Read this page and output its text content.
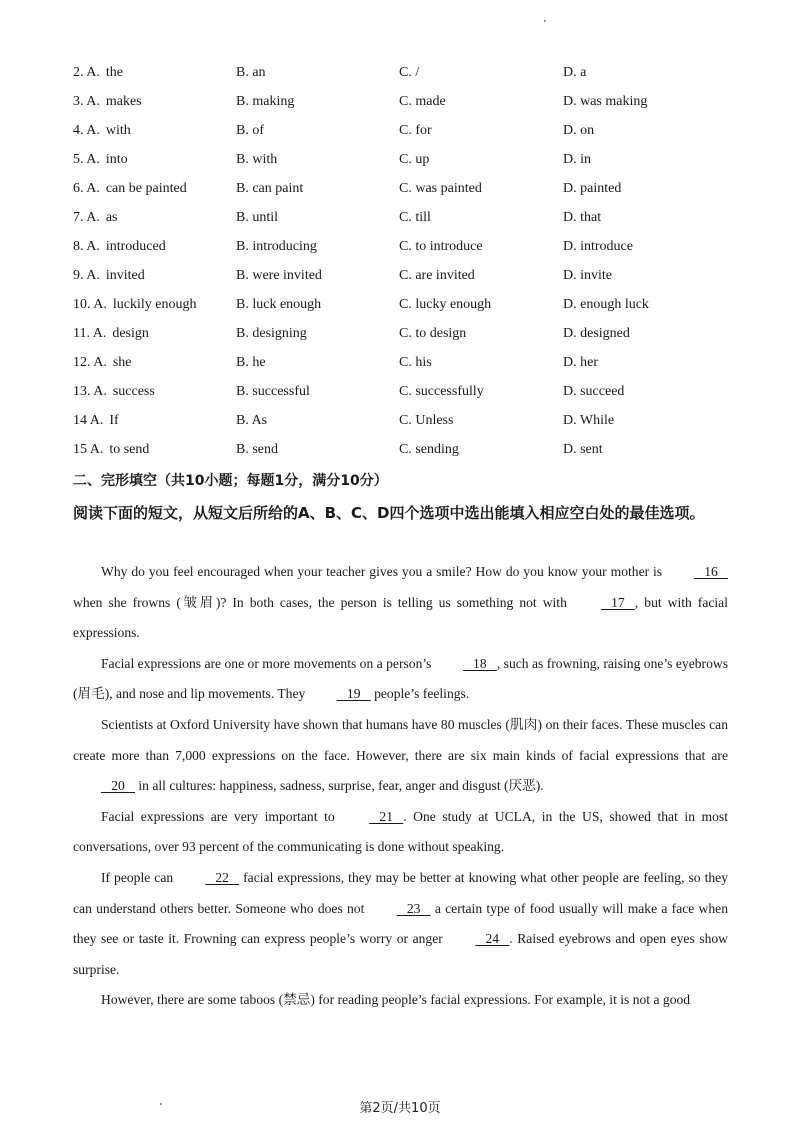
2. A. the	B. an	C. /	D. a
3. A. makes	B. making	C. made	D. was making
4. A. with	B. of	C. for	D. on
5. A. into	B. with	C. up	D. in
6. A. can be painted	B. can paint	C. was painted	D. painted
7. A. as	B. until	C. till	D. that
8. A. introduced	B. introducing	C. to introduce	D. introduce
9. A. invited	B. were invited	C. are invited	D. invite
10. A. luckily enough	B. luck enough	C. lucky enough	D. enough luck
11. A. design	B. designing	C. to design	D. designed
12. A. she	B. he	C. his	D. her
13. A. success	B. successful	C. successfully	D. succeed
14 A. If	B. As	C. Unless	D. While
15 A. to send	B. send	C. sending	D. sent
二、完形填空（共10小题；每题1分，满分10分）
阅读下面的短文，从短文后所给的A、B、C、D四个选项中选出能填入相应空白处的最佳选项。

Why do you feel encouraged when your teacher gives you a smile? How do you know your mother is    16    when she frowns (皱眉)? In both cases, the person is telling us something not with    17   , but with facial expressions.

Facial expressions are one or more movements on a person’s    18   , such as frowning, raising one’s eyebrows (眉毛), and nose and lip movements. They    19    people’s feelings.

Scientists at Oxford University have shown that humans have 80 muscles (肌肉) on their faces. These muscles can create more than 7,000 expressions on the face. However, there are six main kinds of facial expressions that are    20    in all cultures: happiness, sadness, surprise, fear, anger and disgust (厌恶).

Facial expressions are very important to    21   . One study at UCLA, in the US, showed that in most conversations, over 93 percent of the communicating is done without speaking.

If people can    22    facial expressions, they may be better at knowing what other people are feeling, so they can understand others better. Someone who does not    23    a certain type of food usually will make a face when they see or taste it. Frowning can express people’s worry or anger    24   . Raised eyebrows and open eyes show surprise.

However, there are some taboos (禁忌) for reading people’s facial expressions. For example, it is not a good

第2页/共10页
